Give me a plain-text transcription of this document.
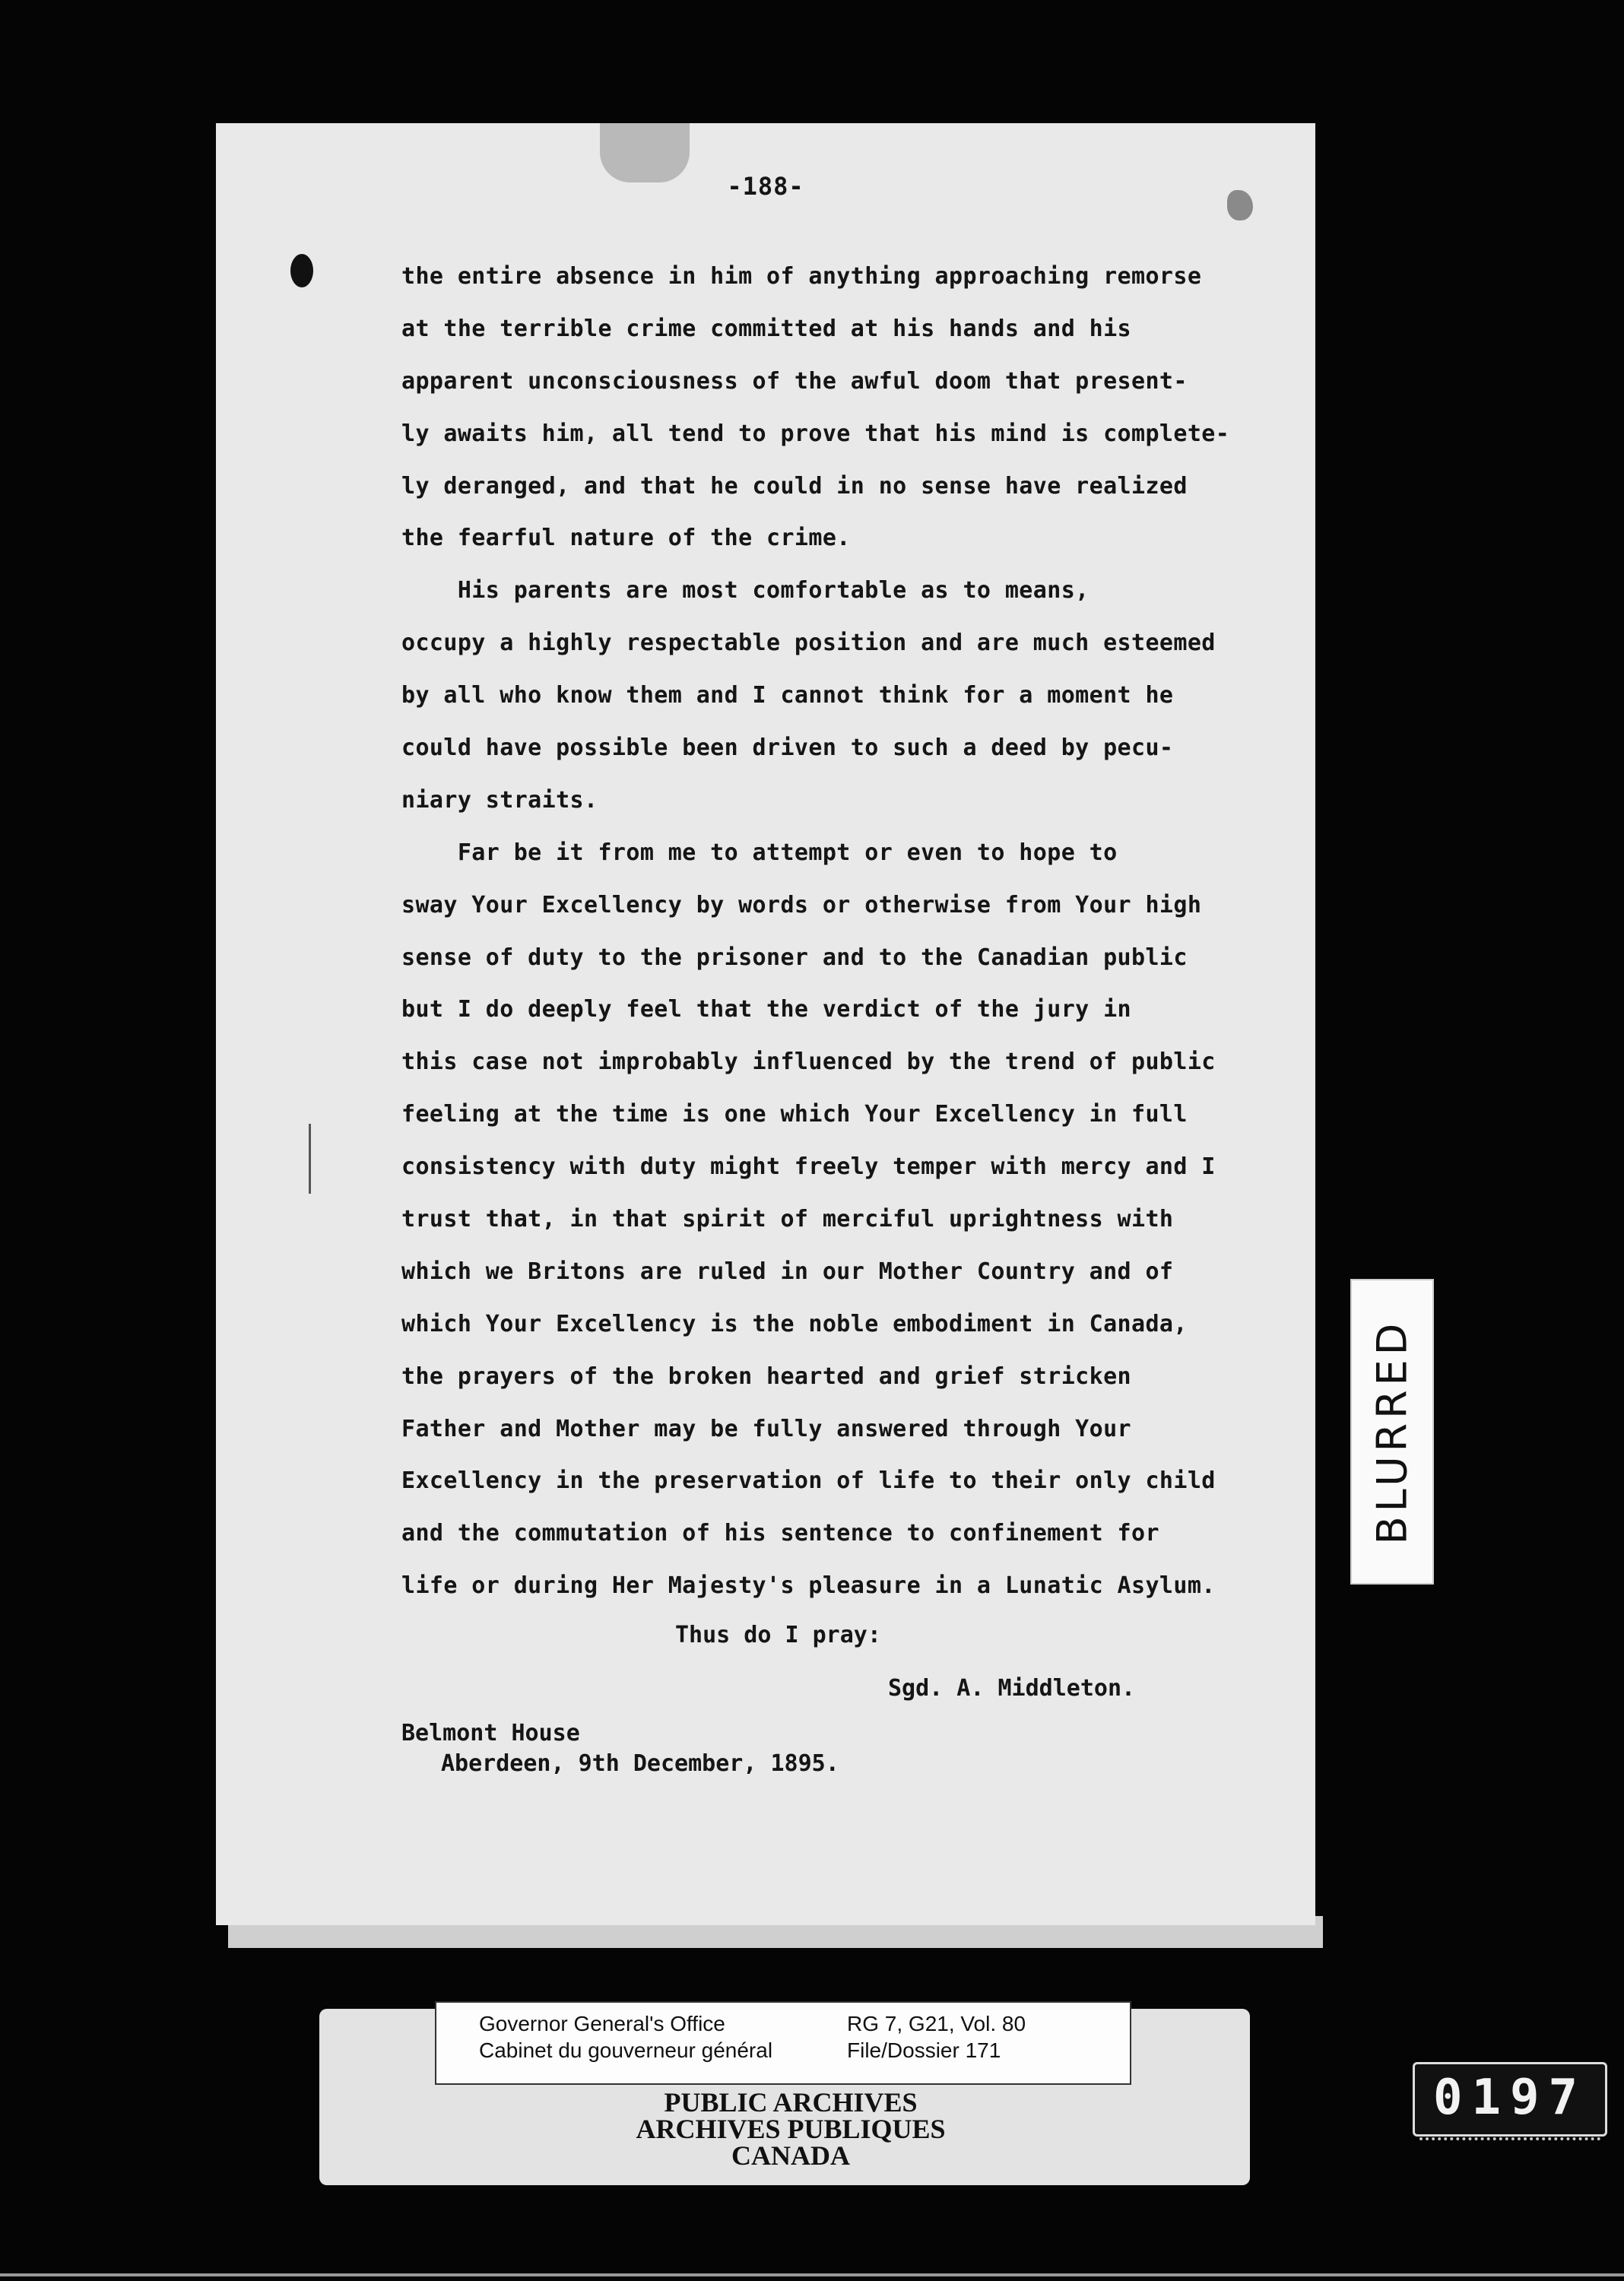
-188-
the entire absence in him of anything approaching remorse
at the terrible crime committed at his hands and his
apparent unconsciousness of the awful doom that present-
ly awaits him, all tend to prove that his mind is complete-
ly deranged, and that he could in no sense have realized
the fearful nature of the crime.
His parents are most comfortable as to means,
occupy a highly respectable position and are much esteemed
by all who know them and I cannot think for a moment he
could have possible been driven to such a deed by pecu-
niary straits.
Far be it from me to attempt or even to hope to
sway Your Excellency by words or otherwise from Your high
sense of duty to the prisoner and to the Canadian public
but I do deeply feel that the verdict of the jury in
this case not improbably influenced by the trend of public
feeling at the time is one which Your Excellency in full
consistency with duty might freely temper with mercy and I
trust that, in that spirit of merciful uprightness with
which we Britons are ruled in our Mother Country and of
which Your Excellency is the noble embodiment in Canada,
the prayers of the broken hearted and grief stricken
Father and Mother may be fully answered through Your
Excellency in the preservation of life to their only child
and the commutation of his sentence to confinement for
life or during Her Majesty's pleasure in a Lunatic Asylum.
Thus do I pray:
Sgd. A. Middleton.
Belmont House
Aberdeen, 9th December, 1895.
BLURRED
Governor General's Office
Cabinet du gouverneur général
RG 7, G21, Vol. 80
File/Dossier 171
PUBLIC ARCHIVES
ARCHIVES PUBLIQUES
CANADA
0197
